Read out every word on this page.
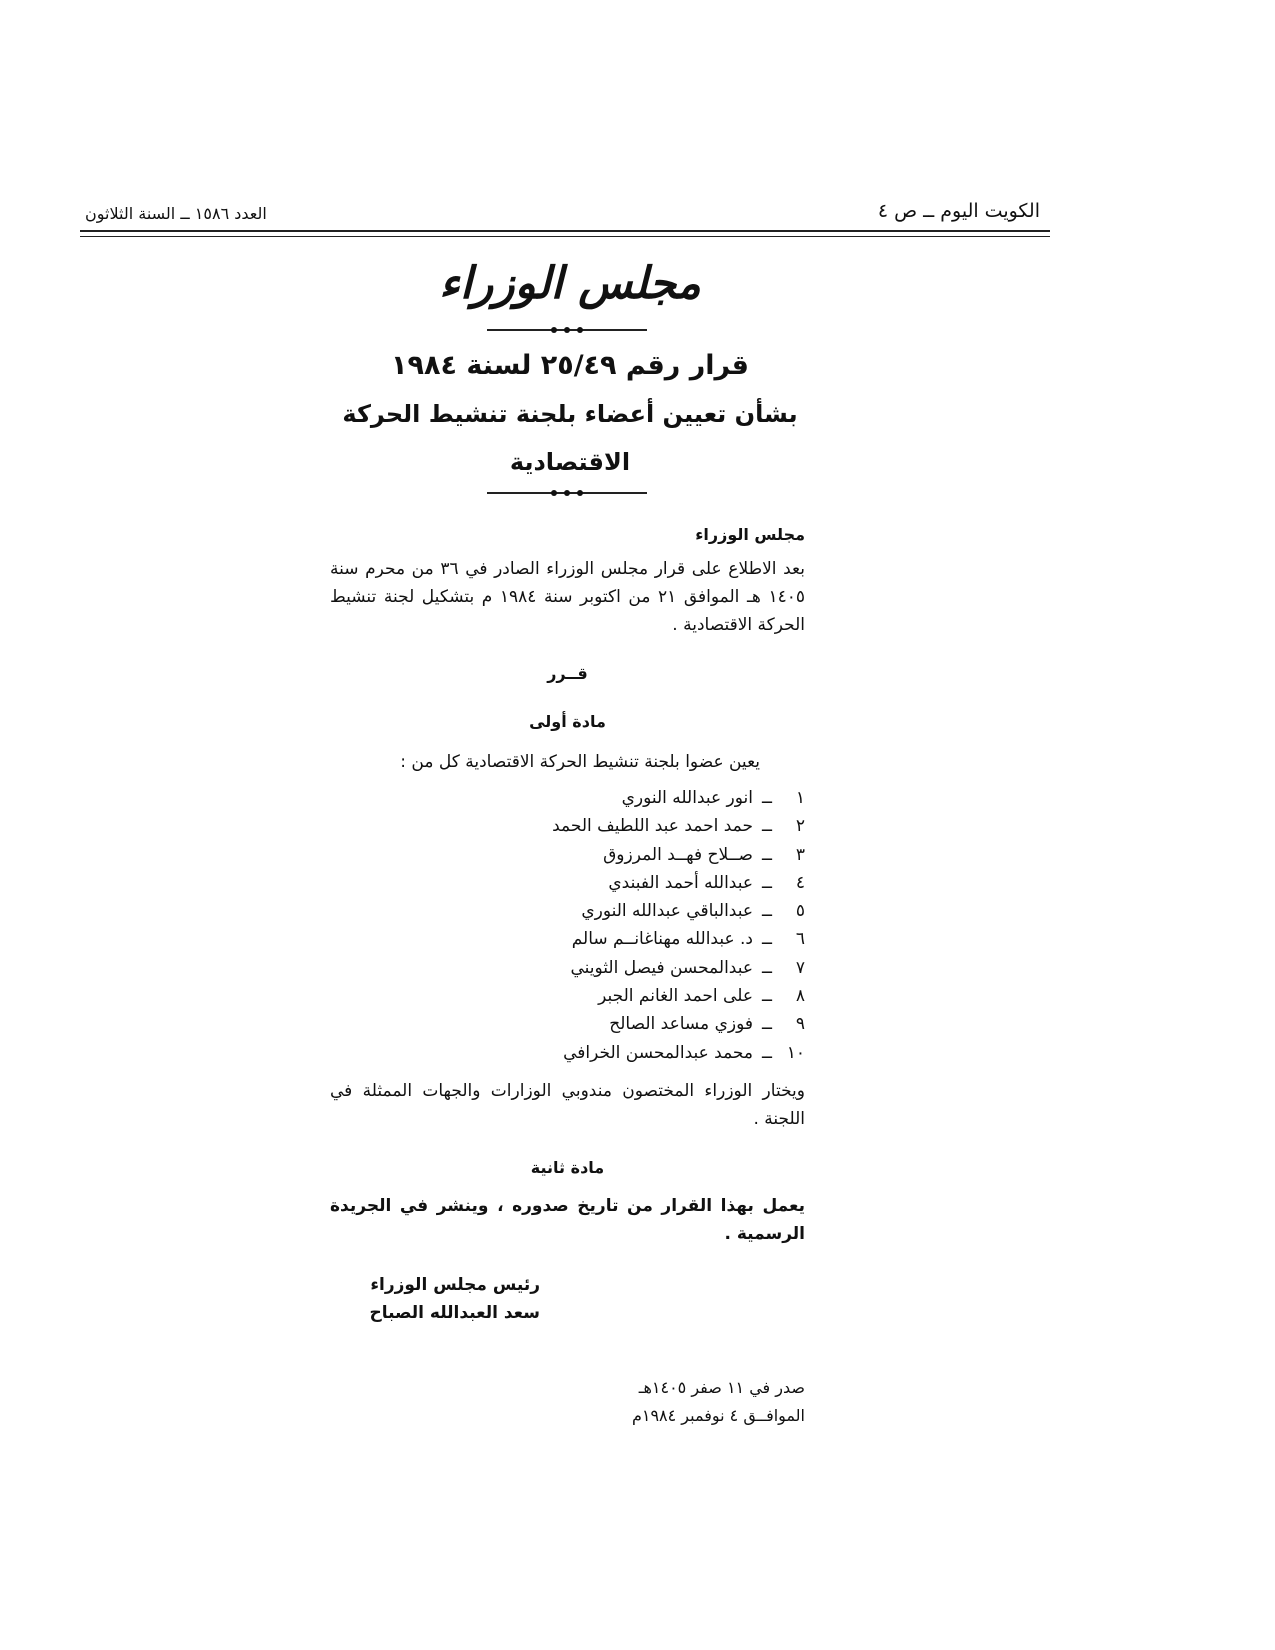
الكويت اليوم ــ ص ٤
العدد ١٥٨٦ ــ السنة الثلاثون
مجلس الوزراء
قرار رقم ٢٥/٤٩ لسنة ١٩٨٤
بشأن تعيين أعضاء بلجنة تنشيط الحركة
الاقتصادية
مجلس الوزراء
بعد الاطلاع على قرار مجلس الوزراء الصادر في ٣٦ من محرم سنة ١٤٠٥ هـ الموافق ٢١ من اكتوبر سنة ١٩٨٤ م بتشكيل لجنة تنشيط الحركة الاقتصادية .
قــرر
مادة أولى
يعين عضوا بلجنة تنشيط الحركة الاقتصادية كل من :
١ــانور عبدالله النوري
٢ــحمد احمد عبد اللطيف الحمد
٣ــصــلاح فهــد المرزوق
٤ــعبدالله أحمد الفبندي
٥ــعبدالباقي عبدالله النوري
٦ــد. عبدالله مهناغانــم سالم
٧ــعبدالمحسن فيصل الثويني
٨ــعلى احمد الغانم الجبر
٩ــفوزي مساعد الصالح
١٠ــمحمد عبدالمحسن الخرافي
ويختار الوزراء المختصون مندوبي الوزارات والجهات الممثلة في اللجنة .
مادة ثانية
يعمل بهذا القرار من تاريخ صدوره ، وينشر في الجريدة الرسمية .
رئيس مجلس الوزراء
سعد العبدالله الصباح
صدر في ١١ صفر ١٤٠٥هـ
الموافــق ٤ نوفمبر ١٩٨٤م
